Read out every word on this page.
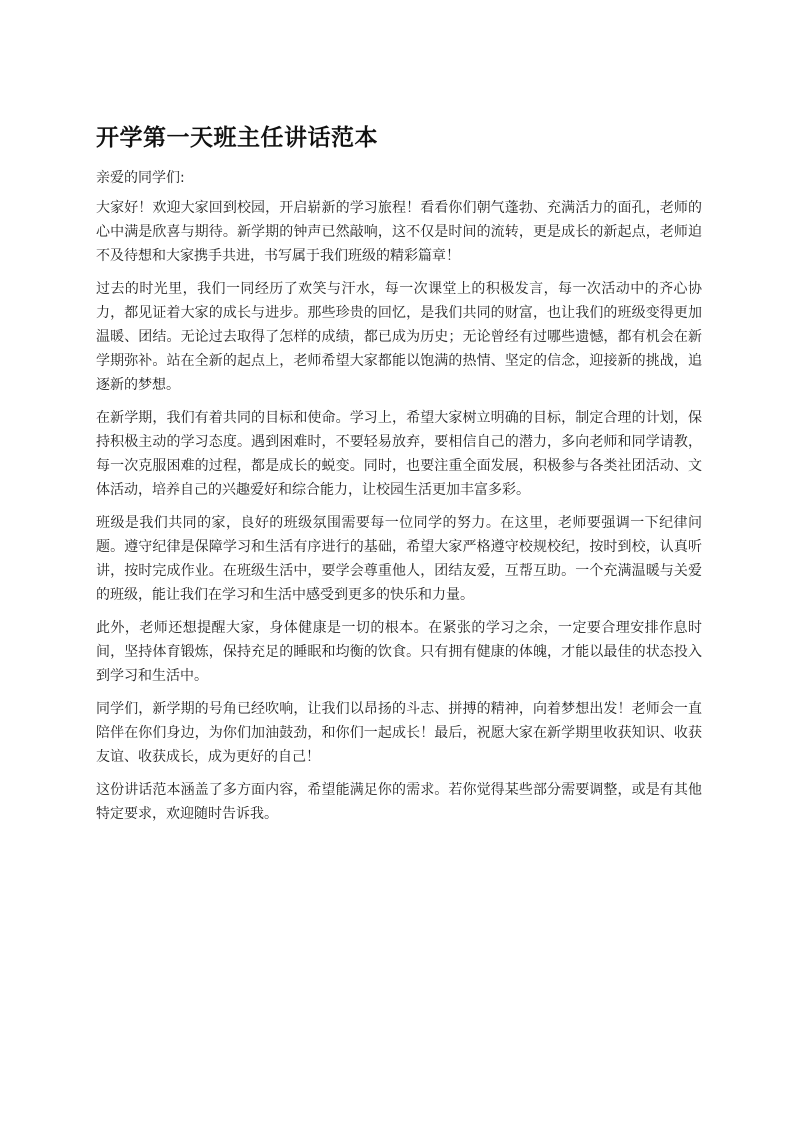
开学第一天班主任讲话范本

亲爱的同学们:

大家好！欢迎大家回到校园，开启崭新的学习旅程！看看你们朝气蓬勃、充满活力的面孔，老师的心中满是欣喜与期待。新学期的钟声已然敲响，这不仅是时间的流转，更是成长的新起点，老师迫不及待想和大家携手共进，书写属于我们班级的精彩篇章！

过去的时光里，我们一同经历了欢笑与汗水，每一次课堂上的积极发言，每一次活动中的齐心协力，都见证着大家的成长与进步。那些珍贵的回忆，是我们共同的财富，也让我们的班级变得更加温暖、团结。无论过去取得了怎样的成绩，都已成为历史；无论曾经有过哪些遗憾，都有机会在新学期弥补。站在全新的起点上，老师希望大家都能以饱满的热情、坚定的信念，迎接新的挑战，追逐新的梦想。

在新学期，我们有着共同的目标和使命。学习上，希望大家树立明确的目标，制定合理的计划，保持积极主动的学习态度。遇到困难时，不要轻易放弃，要相信自己的潜力，多向老师和同学请教，每一次克服困难的过程，都是成长的蜕变。同时，也要注重全面发展，积极参与各类社团活动、文体活动，培养自己的兴趣爱好和综合能力，让校园生活更加丰富多彩。

班级是我们共同的家，良好的班级氛围需要每一位同学的努力。在这里，老师要强调一下纪律问题。遵守纪律是保障学习和生活有序进行的基础，希望大家严格遵守校规校纪，按时到校，认真听讲，按时完成作业。在班级生活中，要学会尊重他人，团结友爱，互帮互助。一个充满温暖与关爱的班级，能让我们在学习和生活中感受到更多的快乐和力量。

此外，老师还想提醒大家，身体健康是一切的根本。在紧张的学习之余，一定要合理安排作息时间，坚持体育锻炼，保持充足的睡眠和均衡的饮食。只有拥有健康的体魄，才能以最佳的状态投入到学习和生活中。

同学们，新学期的号角已经吹响，让我们以昂扬的斗志、拼搏的精神，向着梦想出发！老师会一直陪伴在你们身边，为你们加油鼓劲，和你们一起成长！最后，祝愿大家在新学期里收获知识、收获友谊、收获成长，成为更好的自己！

这份讲话范本涵盖了多方面内容，希望能满足你的需求。若你觉得某些部分需要调整，或是有其他特定要求，欢迎随时告诉我。
